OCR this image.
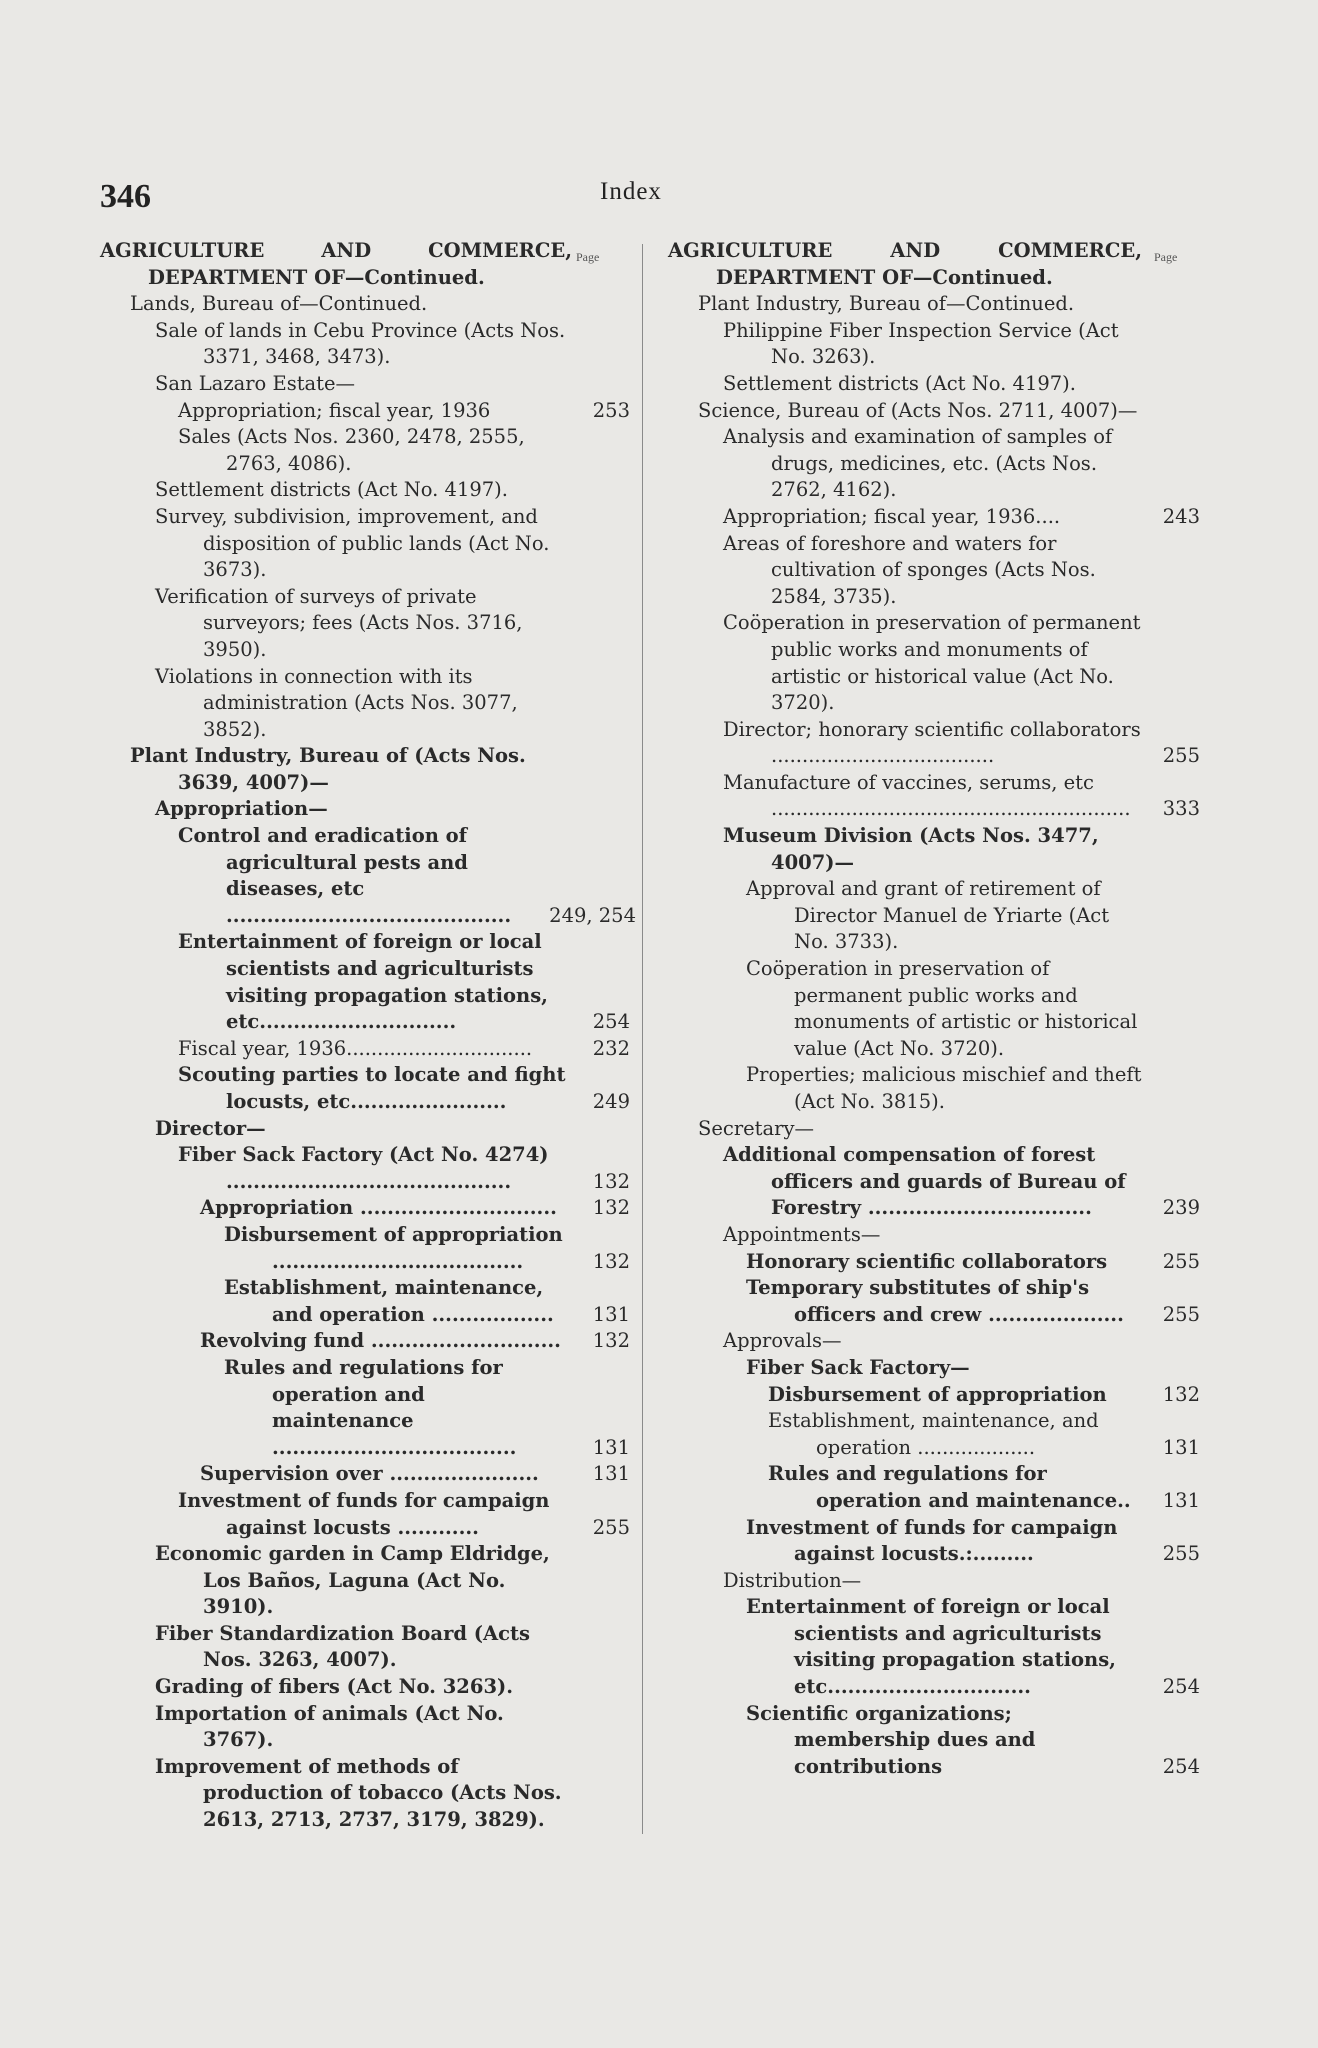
346	Index
Page
AGRICULTURE AND COMMERCE, DEPARTMENT OF—Continued.
Lands, Bureau of—Continued.
Sale of lands in Cebu Province (Acts Nos. 3371, 3468, 3473).
San Lazaro Estate—
Appropriation; fiscal year, 1936	253
Sales (Acts Nos. 2360, 2478, 2555, 2763, 4086).
Settlement districts (Act No. 4197).
Survey, subdivision, improvement, and disposition of public lands (Act No. 3673).
Verification of surveys of private surveyors; fees (Acts Nos. 3716, 3950).
Violations in connection with its administration (Acts Nos. 3077, 3852).
Plant Industry, Bureau of (Acts Nos. 3639, 4007)—
Appropriation—
Control and eradication of agricultural pests and diseases, etc ..........................................	249, 254
Entertainment of foreign or local scientists and agriculturists visiting propagation stations, etc.............................	254
Fiscal year, 1936..............................	232
Scouting parties to locate and fight locusts, etc.......................	249
Director—
Fiber Sack Factory (Act No. 4274) ..........................................	132
Appropriation .............................	132
Disbursement of appropriation .....................................	132
Establishment, maintenance, and operation ..................	131
Revolving fund ............................	132
Rules and regulations for operation and maintenance ....................................	131
Supervision over ......................	131
Investment of funds for campaign against locusts ............	255
Economic garden in Camp Eldridge, Los Baños, Laguna (Act No. 3910).
Fiber Standardization Board (Acts Nos. 3263, 4007).
Grading of fibers (Act No. 3263).
Importation of animals (Act No. 3767).
Improvement of methods of production of tobacco (Acts Nos. 2613, 2713, 2737, 3179, 3829).
Page
AGRICULTURE AND COMMERCE, DEPARTMENT OF—Continued.
Plant Industry, Bureau of—Continued.
Philippine Fiber Inspection Service (Act No. 3263).
Settlement districts (Act No. 4197).
Science, Bureau of (Acts Nos. 2711, 4007)—
Analysis and examination of samples of drugs, medicines, etc. (Acts Nos. 2762, 4162).
Appropriation; fiscal year, 1936....	243
Areas of foreshore and waters for cultivation of sponges (Acts Nos. 2584, 3735).
Coöperation in preservation of permanent public works and monuments of artistic or historical value (Act No. 3720).
Director; honorary scientific collaborators ....................................	255
Manufacture of vaccines, serums, etc ..........................................................	333
Museum Division (Acts Nos. 3477, 4007)—
Approval and grant of retirement of Director Manuel de Yriarte (Act No. 3733).
Coöperation in preservation of permanent public works and monuments of artistic or historical value (Act No. 3720).
Properties; malicious mischief and theft (Act No. 3815).
Secretary—
Additional compensation of forest officers and guards of Bureau of Forestry .................................	239
Appointments—
Honorary scientific collaborators	255
Temporary substitutes of ship's officers and crew ....................	255
Approvals—
Fiber Sack Factory—
Disbursement of appropriation	132
Establishment, maintenance, and operation ...................	131
Rules and regulations for operation and maintenance..	131
Investment of funds for campaign against locusts.:.........	255
Distribution—
Entertainment of foreign or local scientists and agriculturists visiting propagation stations, etc..............................	254
Scientific organizations; membership dues and contributions	254
